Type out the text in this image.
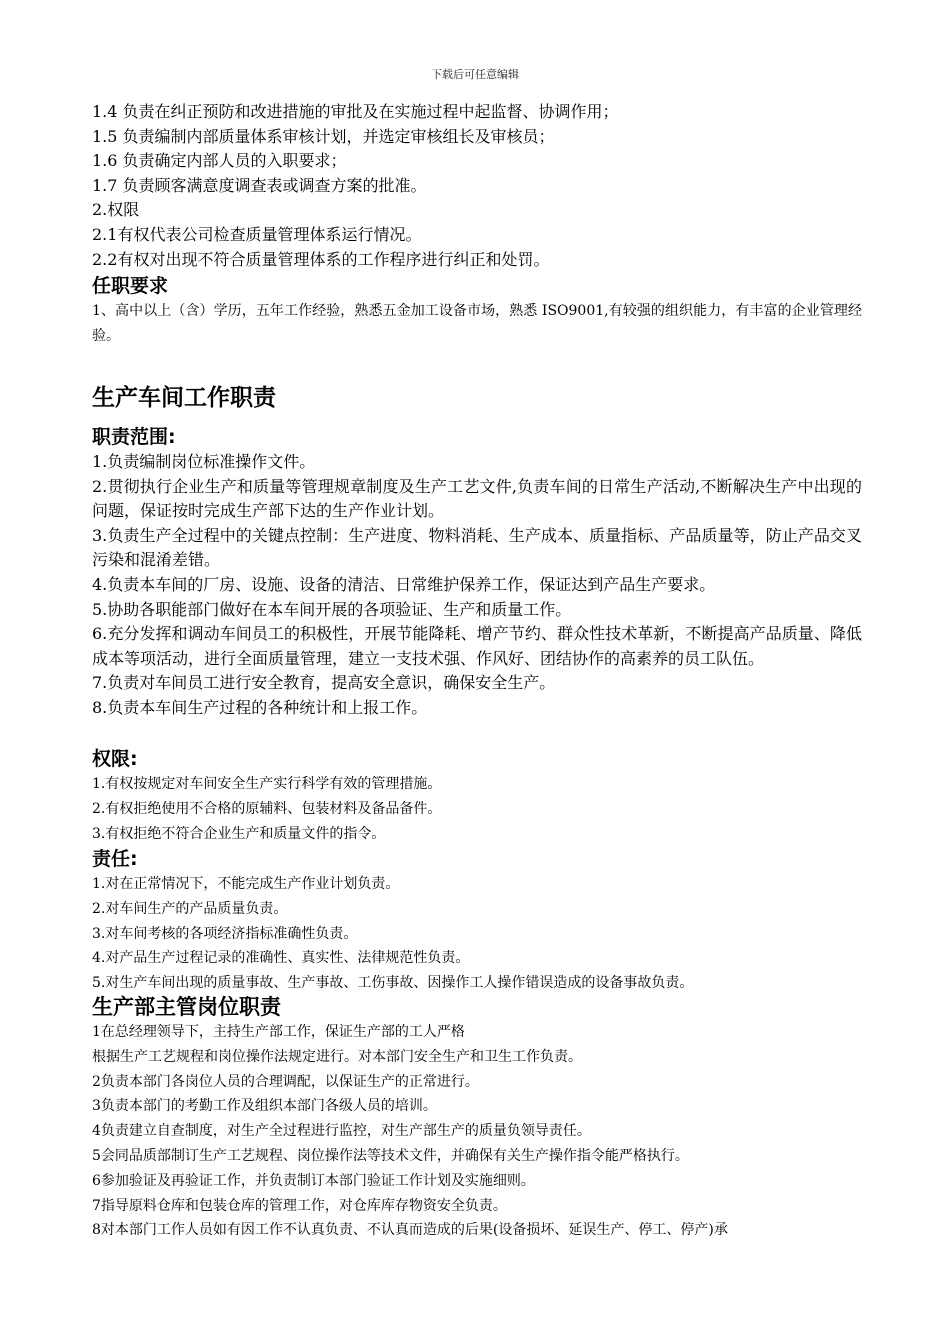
下载后可任意编辑

1.4 负责在纠正预防和改进措施的审批及在实施过程中起监督、协调作用；

1.5 负责编制内部质量体系审核计划，并选定审核组长及审核员；

1.6 负责确定内部人员的入职要求；

1.7 负责顾客满意度调查表或调查方案的批准。

2.权限

2.1有权代表公司检查质量管理体系运行情况。

2.2有权对出现不符合质量管理体系的工作程序进行纠正和处罚。

任职要求

1、高中以上（含）学历，五年工作经验，熟悉五金加工设备市场，熟悉 ISO9001,有较强的组织能力，有丰富的企业管理经验。

生产车间工作职责

职责范围:

1.负责编制岗位标准操作文件。

2.贯彻执行企业生产和质量等管理规章制度及生产工艺文件,负责车间的日常生产活动,不断解决生产中出现的问题，保证按时完成生产部下达的生产作业计划。

3.负责生产全过程中的关键点控制：生产进度、物料消耗、生产成本、质量指标、产品质量等，防止产品交叉污染和混淆差错。

4.负责本车间的厂房、设施、设备的清洁、日常维护保养工作，保证达到产品生产要求。

5.协助各职能部门做好在本车间开展的各项验证、生产和质量工作。

6.充分发挥和调动车间员工的积极性，开展节能降耗、增产节约、群众性技术革新，不断提高产品质量、降低成本等项活动，进行全面质量管理，建立一支技术强、作风好、团结协作的高素养的员工队伍。

7.负责对车间员工进行安全教育，提高安全意识，确保安全生产。

8.负责本车间生产过程的各种统计和上报工作。

权限:

1.有权按规定对车间安全生产实行科学有效的管理措施。

2.有权拒绝使用不合格的原辅料、包装材料及备品备件。

3.有权拒绝不符合企业生产和质量文件的指令。

责任:

1.对在正常情况下，不能完成生产作业计划负责。

2.对车间生产的产品质量负责。

3.对车间考核的各项经济指标准确性负责。

4.对产品生产过程记录的准确性、真实性、法律规范性负责。

5.对生产车间出现的质量事故、生产事故、工伤事故、因操作工人操作错误造成的设备事故负责。

生产部主管岗位职责

1在总经理领导下，主持生产部工作，保证生产部的工人严格

根据生产工艺规程和岗位操作法规定进行。对本部门安全生产和卫生工作负责。

2负责本部门各岗位人员的合理调配，以保证生产的正常进行。

3负责本部门的考勤工作及组织本部门各级人员的培训。

4负责建立自查制度，对生产全过程进行监控，对生产部生产的质量负领导责任。

5会同品质部制订生产工艺规程、岗位操作法等技术文件，并确保有关生产操作指令能严格执行。

6参加验证及再验证工作，并负责制订本部门验证工作计划及实施细则。

7指导原料仓库和包装仓库的管理工作，对仓库库存物资安全负责。

8对本部门工作人员如有因工作不认真负责、不认真而造成的后果(设备损坏、延误生产、停工、停产)承
